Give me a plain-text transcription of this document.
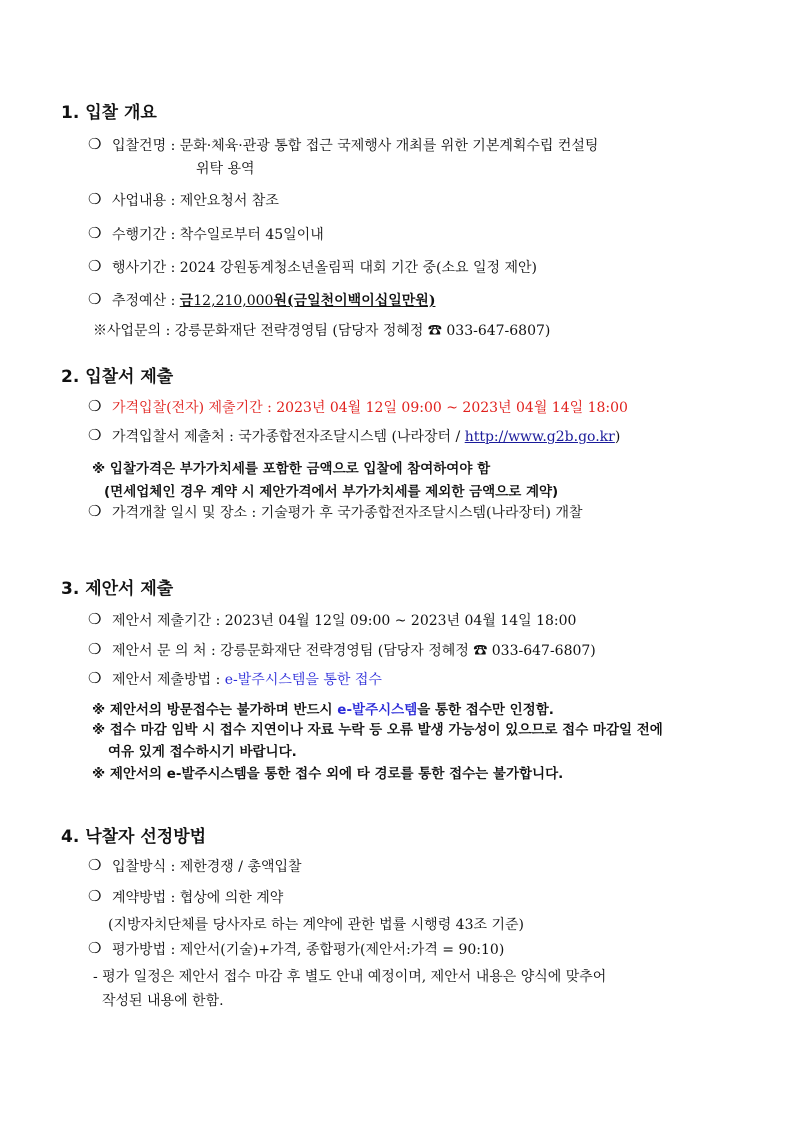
1. 입찰 개요
❍ 입찰건명 : 문화·체육·관광 통합 접근 국제행사 개최를 위한 기본계획수립 컨설팅
위탁 용역
❍ 사업내용 : 제안요청서 참조
❍ 수행기간 : 착수일로부터 45일이내
❍ 행사기간 : 2024 강원동계청소년올림픽 대회 기간 중(소요 일정 제안)
❍ 추정예산 : 금12,210,000원(금일천이백이십일만원)
※사업문의 : 강릉문화재단 전략경영팀 (담당자 정혜정 ☎ 033-647-6807)
2. 입찰서 제출
❍ 가격입찰(전자) 제출기간 : 2023년 04월 12일 09:00 ~ 2023년 04월 14일 18:00
❍ 가격입찰서 제출처 : 국가종합전자조달시스템 (나라장터 / http://www.g2b.go.kr)
※ 입찰가격은 부가가치세를 포함한 금액으로 입찰에 참여하여야 함
(면세업체인 경우 계약 시 제안가격에서 부가가치세를 제외한 금액으로 계약)
❍ 가격개찰 일시 및 장소 : 기술평가 후 국가종합전자조달시스템(나라장터) 개찰
3. 제안서 제출
❍ 제안서 제출기간 : 2023년 04월 12일 09:00 ~ 2023년 04월 14일 18:00
❍ 제안서 문 의 처 : 강릉문화재단 전략경영팀 (담당자 정혜정 ☎ 033-647-6807)
❍ 제안서 제출방법 : e-발주시스템을 통한 접수
※ 제안서의 방문접수는 불가하며 반드시 e-발주시스템을 통한 접수만 인정함.
※ 접수 마감 임박 시 접수 지연이나 자료 누락 등 오류 발생 가능성이 있으므로 접수 마감일 전에
여유 있게 접수하시기 바랍니다.
※ 제안서의 e-발주시스템을 통한 접수 외에 타 경로를 통한 접수는 불가합니다.
4. 낙찰자 선정방법
❍ 입찰방식 : 제한경쟁 / 총액입찰
❍ 계약방법 : 협상에 의한 계약
(지방자치단체를 당사자로 하는 계약에 관한 법률 시행령 43조 기준)
❍ 평가방법 : 제안서(기술)+가격, 종합평가(제안서:가격 = 90:10)
- 평가 일정은 제안서 접수 마감 후 별도 안내 예정이며, 제안서 내용은 양식에 맞추어
작성된 내용에 한함.
